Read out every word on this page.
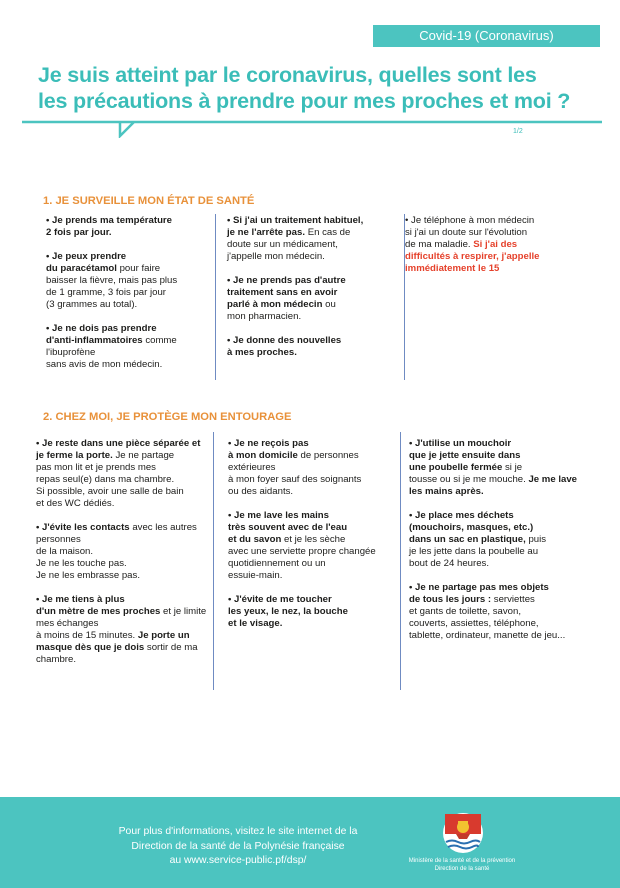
Covid-19 (Coronavirus)
Je suis atteint par le coronavirus, quelles sont les
les précautions à prendre pour mes proches et moi ?
1/2
1. JE SURVEILLE MON ÉTAT DE SANTÉ

• Je prends ma température
2 fois par jour.

• Je peux prendre
du paracétamol pour faire
baisser la fièvre, mais pas plus
de 1 gramme, 3 fois par jour
(3 grammes au total).

• Je ne dois pas prendre
d'anti-inflammatoires comme l'ibuprofène
sans avis de mon médecin.

• Si j'ai un traitement habituel,
je ne l'arrête pas. En cas de
doute sur un médicament,
j'appelle mon médecin.

• Je ne prends pas d'autre
traitement sans en avoir
parlé à mon médecin ou
mon pharmacien.

• Je donne des nouvelles
à mes proches.

• Je téléphone à mon médecin
si j'ai un doute sur l'évolution
de ma maladie. Si j'ai des
difficultés à respirer, j'appelle
immédiatement le 15

2. CHEZ MOI, JE PROTÈGE MON ENTOURAGE

• Je reste dans une pièce séparée et
je ferme la porte. Je ne partage
pas mon lit et je prends mes
repas seul(e) dans ma chambre.
Si possible, avoir une salle de bain
et des WC dédiés.

• J'évite les contacts avec les autres personnes
de la maison.
Je ne les touche pas.
Je ne les embrasse pas.

• Je me tiens à plus
d'un mètre de mes proches et je limite mes échanges
à moins de 15 minutes. Je porte un masque dès que je dois sortir de ma chambre.

• Je ne reçois pas
à mon domicile de personnes extérieures
à mon foyer sauf des soignants
ou des aidants.

• Je me lave les mains
très souvent avec de l'eau
et du savon et je les sèche
avec une serviette propre changée
quotidiennement ou un
essuie-main.

• J'évite de me toucher
les yeux, le nez, la bouche
et le visage.

• J'utilise un mouchoir
que je jette ensuite dans
une poubelle fermée si je
tousse ou si je me mouche. Je me lave les mains après.

• Je place mes déchets
(mouchoirs, masques, etc.)
dans un sac en plastique, puis
je les jette dans la poubelle au
bout de 24 heures.

• Je ne partage pas mes objets
de tous les jours : serviettes
et gants de toilette, savon,
couverts, assiettes, téléphone,
tablette, ordinateur, manette de jeu...

Pour plus d'informations, visitez le site internet de la
Direction de la santé de la Polynésie française
au www.service-public.pf/dsp/	Ministère de la santé et de la prévention
Direction de la santé
